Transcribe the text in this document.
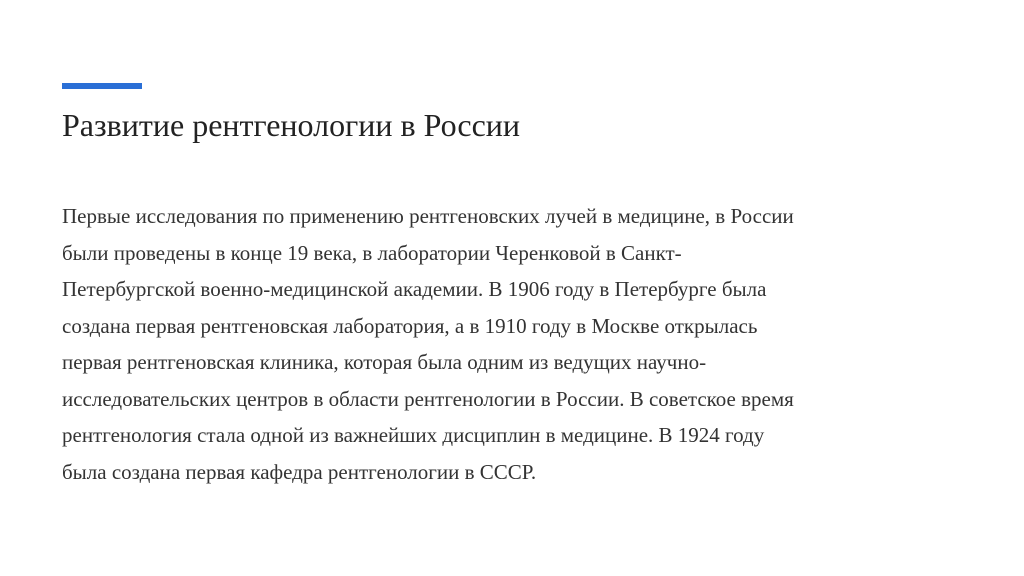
Развитие рентгенологии в России
Первые исследования по применению рентгеновских лучей в медицине, в России
были проведены в конце 19 века, в лаборатории Черенковой в Санкт-
Петербургской военно-медицинской академии. В 1906 году в Петербурге была
создана первая рентгеновская лаборатория, а в 1910 году в Москве открылась
первая рентгеновская клиника, которая была одним из ведущих научно-
исследовательских центров в области рентгенологии в России. В советское время
рентгенология стала одной из важнейших дисциплин в медицине. В 1924 году
была создана первая кафедра рентгенологии в СССР.
